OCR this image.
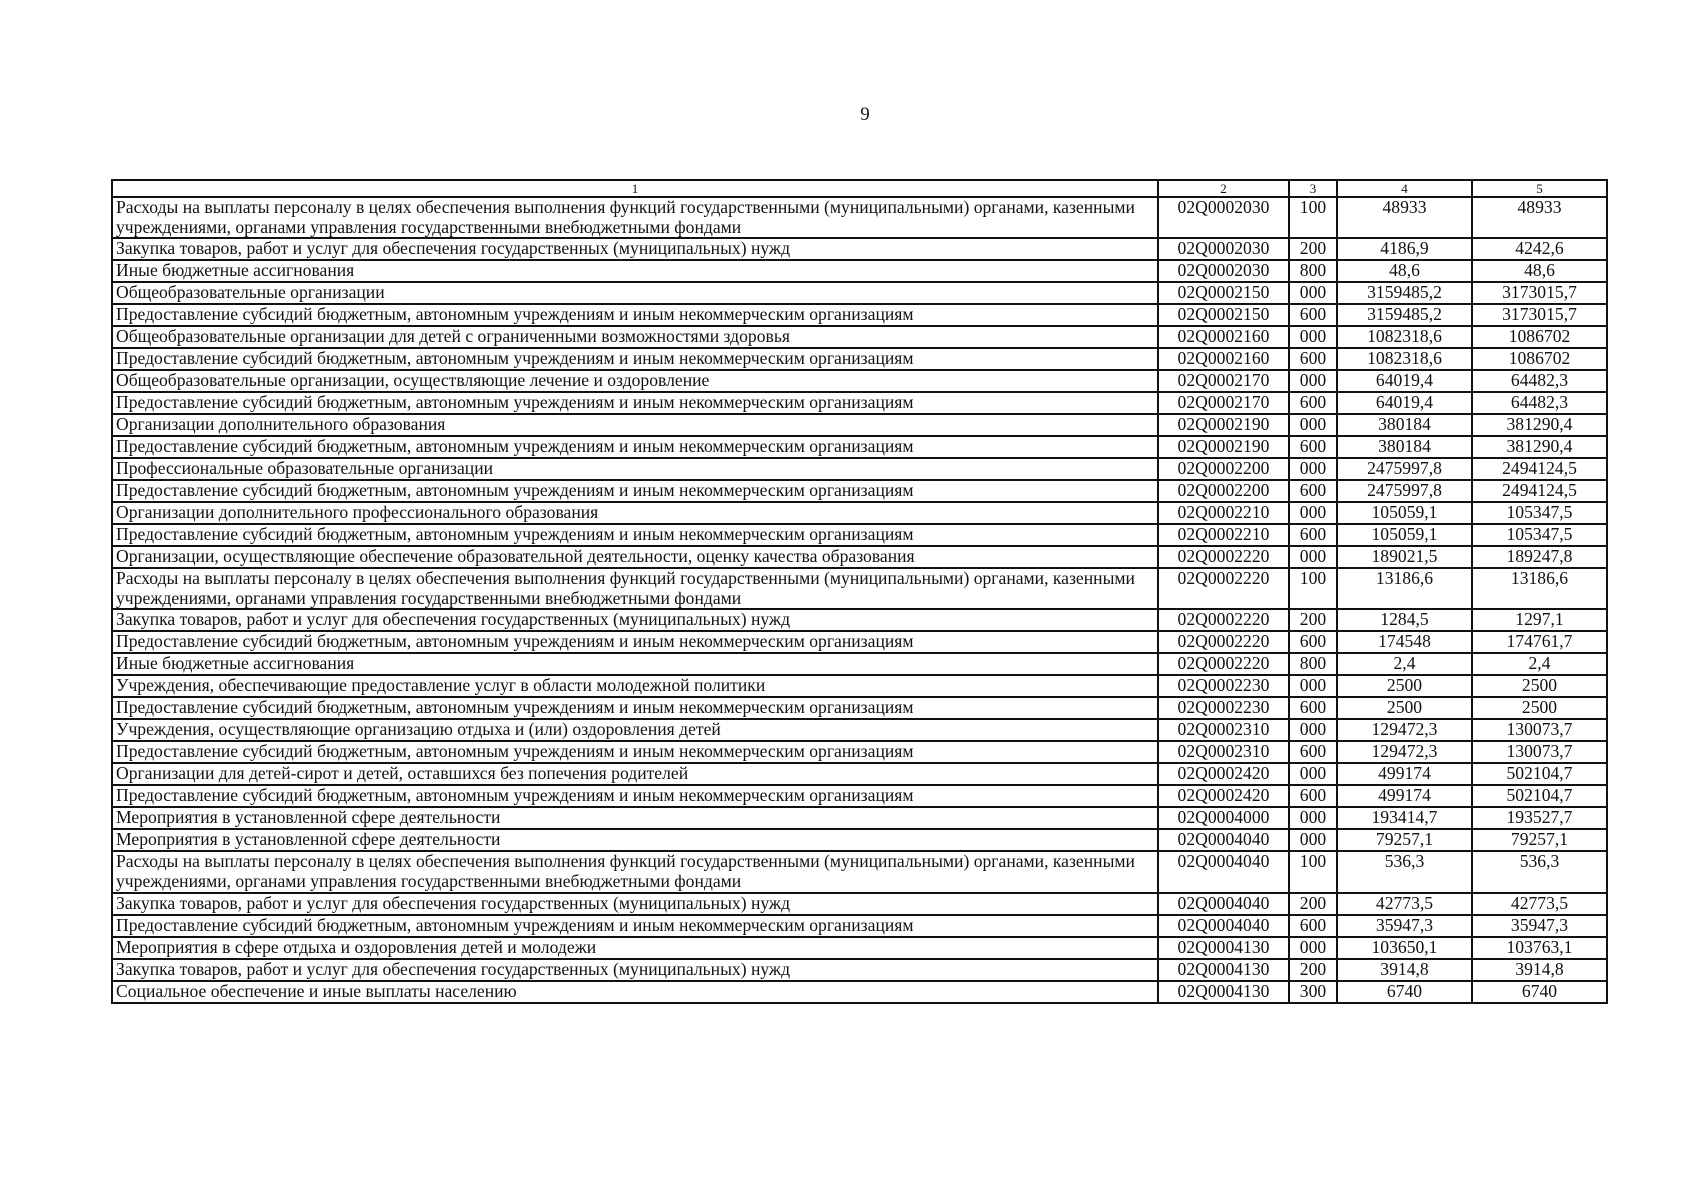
9
1	2	3	4	5
Расходы на выплаты персоналу в целях обеспечения выполнения функций государственными (муниципальными) органами, казенными учреждениями, органами управления государственными внебюджетными фондами	02Q0002030	100	48933	48933
Закупка товаров, работ и услуг для обеспечения государственных (муниципальных) нужд	02Q0002030	200	4186,9	4242,6
Иные бюджетные ассигнования	02Q0002030	800	48,6	48,6
Общеобразовательные организации	02Q0002150	000	3159485,2	3173015,7
Предоставление субсидий бюджетным, автономным учреждениям и иным некоммерческим организациям	02Q0002150	600	3159485,2	3173015,7
Общеобразовательные организации для детей с ограниченными возможностями здоровья	02Q0002160	000	1082318,6	1086702
Предоставление субсидий бюджетным, автономным учреждениям и иным некоммерческим организациям	02Q0002160	600	1082318,6	1086702
Общеобразовательные организации, осуществляющие лечение и оздоровление	02Q0002170	000	64019,4	64482,3
Предоставление субсидий бюджетным, автономным учреждениям и иным некоммерческим организациям	02Q0002170	600	64019,4	64482,3
Организации дополнительного образования	02Q0002190	000	380184	381290,4
Предоставление субсидий бюджетным, автономным учреждениям и иным некоммерческим организациям	02Q0002190	600	380184	381290,4
Профессиональные образовательные организации	02Q0002200	000	2475997,8	2494124,5
Предоставление субсидий бюджетным, автономным учреждениям и иным некоммерческим организациям	02Q0002200	600	2475997,8	2494124,5
Организации дополнительного профессионального образования	02Q0002210	000	105059,1	105347,5
Предоставление субсидий бюджетным, автономным учреждениям и иным некоммерческим организациям	02Q0002210	600	105059,1	105347,5
Организации, осуществляющие обеспечение образовательной деятельности, оценку качества образования	02Q0002220	000	189021,5	189247,8
Расходы на выплаты персоналу в целях обеспечения выполнения функций государственными (муниципальными) органами, казенными учреждениями, органами управления государственными внебюджетными фондами	02Q0002220	100	13186,6	13186,6
Закупка товаров, работ и услуг для обеспечения государственных (муниципальных) нужд	02Q0002220	200	1284,5	1297,1
Предоставление субсидий бюджетным, автономным учреждениям и иным некоммерческим организациям	02Q0002220	600	174548	174761,7
Иные бюджетные ассигнования	02Q0002220	800	2,4	2,4
Учреждения, обеспечивающие предоставление услуг в области молодежной политики	02Q0002230	000	2500	2500
Предоставление субсидий бюджетным, автономным учреждениям и иным некоммерческим организациям	02Q0002230	600	2500	2500
Учреждения, осуществляющие организацию отдыха и (или) оздоровления детей	02Q0002310	000	129472,3	130073,7
Предоставление субсидий бюджетным, автономным учреждениям и иным некоммерческим организациям	02Q0002310	600	129472,3	130073,7
Организации для детей-сирот и детей, оставшихся без попечения родителей	02Q0002420	000	499174	502104,7
Предоставление субсидий бюджетным, автономным учреждениям и иным некоммерческим организациям	02Q0002420	600	499174	502104,7
Мероприятия в установленной сфере деятельности	02Q0004000	000	193414,7	193527,7
Мероприятия в установленной сфере деятельности	02Q0004040	000	79257,1	79257,1
Расходы на выплаты персоналу в целях обеспечения выполнения функций государственными (муниципальными) органами, казенными учреждениями, органами управления государственными внебюджетными фондами	02Q0004040	100	536,3	536,3
Закупка товаров, работ и услуг для обеспечения государственных (муниципальных) нужд	02Q0004040	200	42773,5	42773,5
Предоставление субсидий бюджетным, автономным учреждениям и иным некоммерческим организациям	02Q0004040	600	35947,3	35947,3
Мероприятия в сфере отдыха и оздоровления детей и молодежи	02Q0004130	000	103650,1	103763,1
Закупка товаров, работ и услуг для обеспечения государственных (муниципальных) нужд	02Q0004130	200	3914,8	3914,8
Социальное обеспечение и иные выплаты населению	02Q0004130	300	6740	6740
